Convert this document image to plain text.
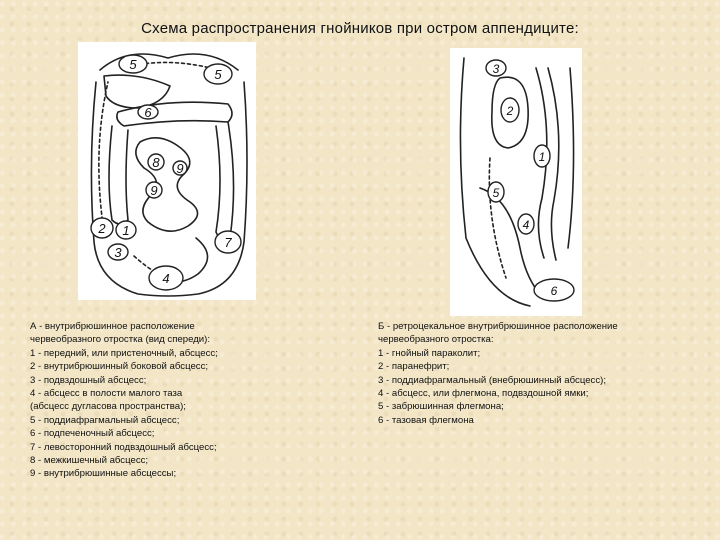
Схема распространения гнойников при остром аппендиците:
5
5
6
8 9
9
2 1
3
7
4
2
1
3
4
5
6
А - внутрибрюшинное расположение
червеобразного отростка (вид спереди):
1 - передний, или пристеночный, абсцесс;
2 - внутрибрюшинный боковой абсцесс;
3 - подвздошный абсцесс;
4 - абсцесс в полости малого таза
(абсцесс дугласова пространства);
5 - поддиафрагмальный абсцесс;
6 - подпеченочный абсцесс;
7 - левосторонний подвздошный абсцесс;
8 - межкишечный абсцесс;
9 - внутрибрюшинные абсцессы;
Б - ретроцекальное внутрибрюшинное расположение
червеобразного отростка:
1 - гнойный параколит;
2 - паранефрит;
3 - поддиафрагмальный (внебрюшинный абсцесс);
4 - абсцесс, или флегмона, подвздошной ямки;
5 - забрюшинная флегмона;
6 - тазовая флегмона
